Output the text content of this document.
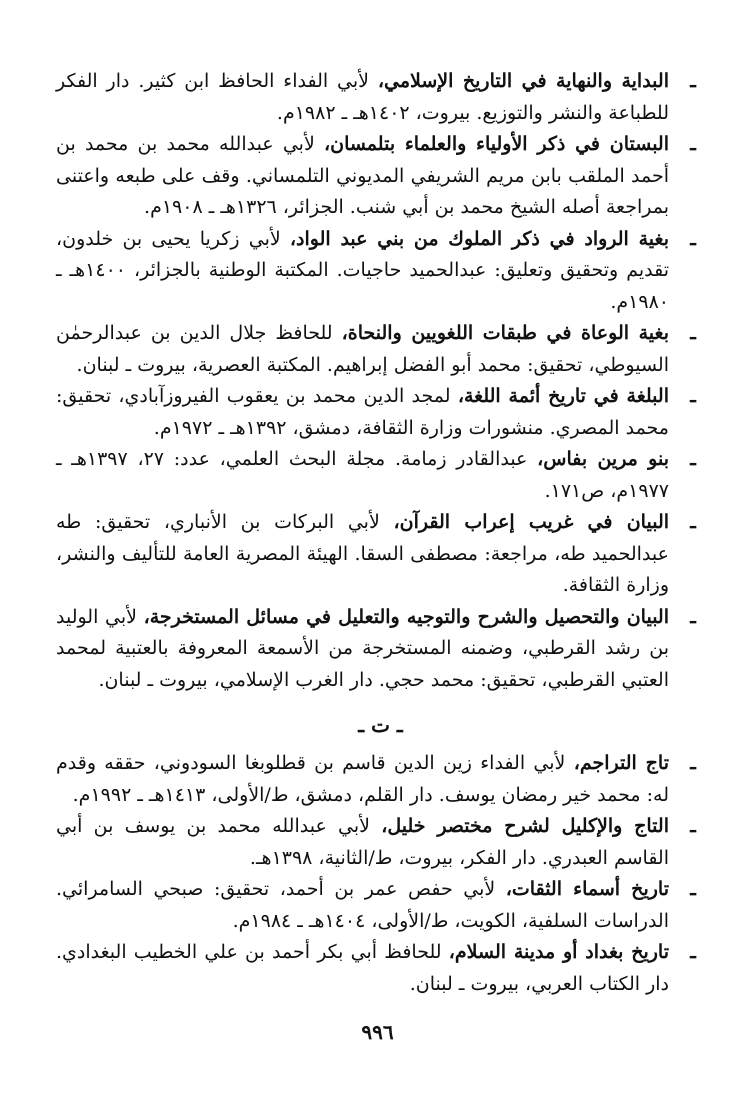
ـ
البداية والنهاية في التاريخ الإسلامي، لأبي الفداء الحافظ ابن كثير. دار الفكر للطباعة والنشر والتوزيع. بيروت، ١٤٠٢هـ ـ ١٩٨٢م.
ـ
البستان في ذكر الأولياء والعلماء بتلمسان، لأبي عبدالله محمد بن محمد بن أحمد الملقب بابن مريم الشريفي المديوني التلمساني. وقف على طبعه واعتنى بمراجعة أصله الشيخ محمد بن أبي شنب. الجزائر، ١٣٢٦هـ ـ ١٩٠٨م.
ـ
بغية الرواد في ذكر الملوك من بني عبد الواد، لأبي زكريا يحيى بن خلدون، تقديم وتحقيق وتعليق: عبدالحميد حاجيات. المكتبة الوطنية بالجزائر، ١٤٠٠هـ ـ ١٩٨٠م.
ـ
بغية الوعاة في طبقات اللغويين والنحاة، للحافظ جلال الدين بن عبدالرحمٰن السيوطي، تحقيق: محمد أبو الفضل إبراهيم. المكتبة العصرية، بيروت ـ لبنان.
ـ
البلغة في تاريخ أئمة اللغة، لمجد الدين محمد بن يعقوب الفيروزآبادي، تحقيق: محمد المصري. منشورات وزارة الثقافة، دمشق، ١٣٩٢هـ ـ ١٩٧٢م.
ـ
بنو مرين بفاس، عبدالقادر زمامة. مجلة البحث العلمي، عدد: ٢٧، ١٣٩٧هـ ـ ١٩٧٧م، ص١٧١.
ـ
البيان في غريب إعراب القرآن، لأبي البركات بن الأنباري، تحقيق: طه عبدالحميد طه، مراجعة: مصطفى السقا. الهيئة المصرية العامة للتأليف والنشر، وزارة الثقافة.
ـ
البيان والتحصيل والشرح والتوجيه والتعليل في مسائل المستخرجة، لأبي الوليد بن رشد القرطبي، وضمنه المستخرجة من الأسمعة المعروفة بالعتبية لمحمد العتبي القرطبي، تحقيق: محمد حجي. دار الغرب الإسلامي، بيروت ـ لبنان.
ـ ت ـ
ـ
تاج التراجم، لأبي الفداء زين الدين قاسم بن قطلوبغا السودوني، حققه وقدم له: محمد خير رمضان يوسف. دار القلم، دمشق، ط/الأولى، ١٤١٣هـ ـ ١٩٩٢م.
ـ
التاج والإكليل لشرح مختصر خليل، لأبي عبدالله محمد بن يوسف بن أبي القاسم العبدري. دار الفكر، بيروت، ط/الثانية، ١٣٩٨هـ.
ـ
تاريخ أسماء الثقات، لأبي حفص عمر بن أحمد، تحقيق: صبحي السامرائي. الدراسات السلفية، الكويت، ط/الأولى، ١٤٠٤هـ ـ ١٩٨٤م.
ـ
تاريخ بغداد أو مدينة السلام، للحافظ أبي بكر أحمد بن علي الخطيب البغدادي. دار الكتاب العربي، بيروت ـ لبنان.
٩٩٦
